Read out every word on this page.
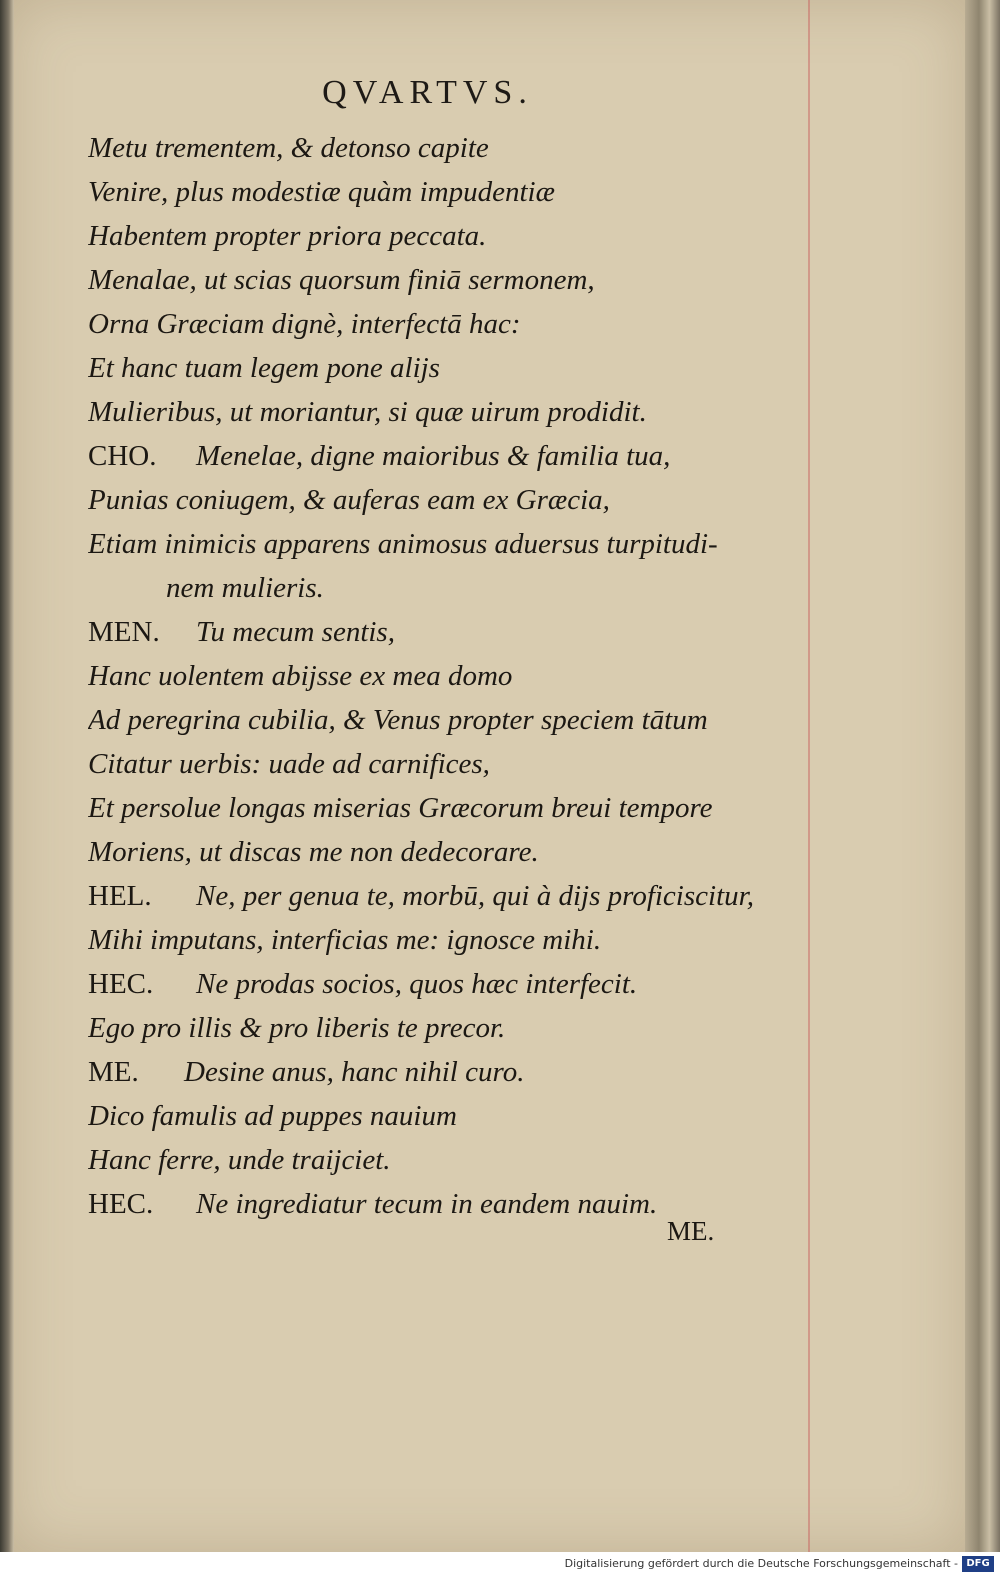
QVARTVS.
Metu trementem, & detonso capite
Venire, plus modestiæ quàm impudentiæ
Habentem propter priora peccata.
Menalae, ut scias quorsum finiā sermonem,
Orna Græciam dignè, interfectā hac:
Et hanc tuam legem pone alijs
Mulieribus, ut moriantur, si quæ uirum prodidit.
CHO. Menelae, digne maioribus & familia tua,
Punias coniugem, & auferas eam ex Græcia,
Etiam inimicis apparens animosus aduersus turpitudi-
nem mulieris.
MEN. Tu mecum sentis,
Hanc uolentem abijsse ex mea domo
Ad peregrina cubilia, & Venus propter speciem tātum
Citatur uerbis: uade ad carnifices,
Et persolue longas miserias Græcorum breui tempore
Moriens, ut discas me non dedecorare.
HEL. Ne, per genua te, morbū, qui à dijs proficiscitur,
Mihi imputans, interficias me: ignosce mihi.
HEC. Ne prodas socios, quos hæc interfecit.
Ego pro illis & pro liberis te precor.
ME. Desine anus, hanc nihil curo.
Dico famulis ad puppes nauium
Hanc ferre, unde traijciet.
HEC. Ne ingrediatur tecum in eandem nauim.
ME.
Digitalisierung gefördert durch die Deutsche Forschungsgemeinschaft - DFG
